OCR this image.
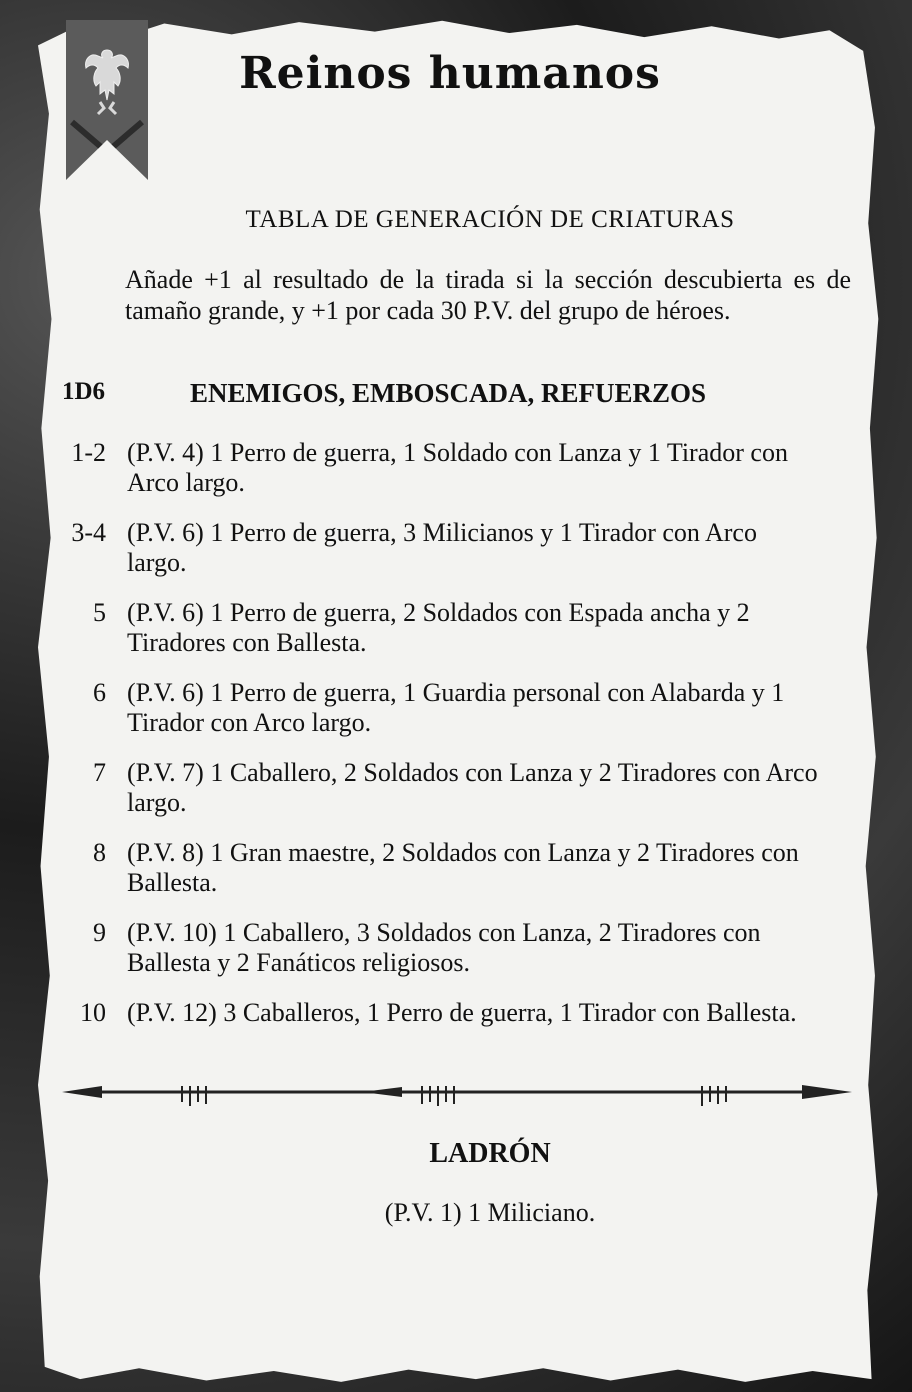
Reinos humanos
TABLA DE GENERACIÓN DE CRIATURAS
Añade +1 al resultado de la tirada si la sección descubierta es de tamaño grande, y +1 por cada 30 P.V. del grupo de héroes.
1D6	ENEMIGOS, EMBOSCADA, REFUERZOS
1-2 (P.V. 4) 1 Perro de guerra, 1 Soldado con Lanza y 1 Tirador con Arco largo.
3-4 (P.V. 6) 1 Perro de guerra, 3 Milicianos y 1 Tirador con Arco largo.
5 (P.V. 6) 1 Perro de guerra, 2 Soldados con Espada ancha y 2 Tiradores con Ballesta.
6 (P.V. 6) 1 Perro de guerra, 1 Guardia personal con Alabarda y 1 Tirador con Arco largo.
7 (P.V. 7) 1 Caballero, 2 Soldados con Lanza y 2 Tiradores con Arco largo.
8 (P.V. 8) 1 Gran maestre, 2 Soldados con Lanza y 2 Tiradores con Ballesta.
9 (P.V. 10) 1 Caballero, 3 Soldados con Lanza, 2 Tiradores con Ballesta y 2 Fanáticos religiosos.
10 (P.V. 12) 3 Caballeros, 1 Perro de guerra, 1 Tirador con Ballesta.
LADRÓN
(P.V. 1) 1 Miliciano.
